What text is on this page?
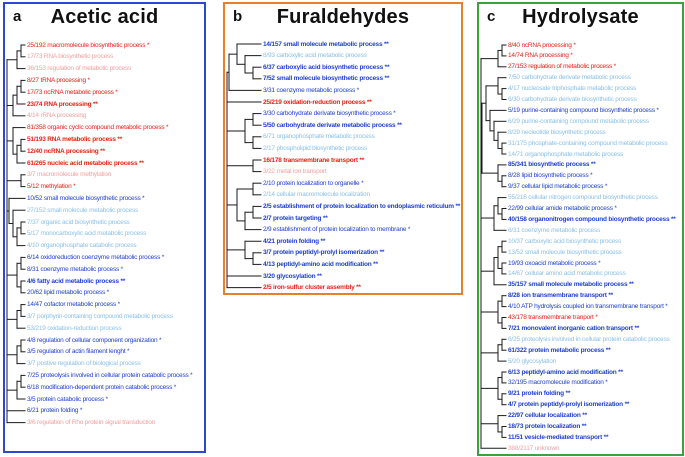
a	Acetic acid
25/192 macromolecule biosynthetic process *
17/73 RNA biosynthetic process
36/153 regulation of metabolic process
8/27 tRNA processing *
17/73 ncRNA metabolic process *
23/74 RNA processing **
4/14 rRNA processing
81/358 organic cyclic compound metabolic process *
51/193 RNA metabolic process **
12/40 ncRNA processing **
61/265 nucleic acid metabolic process **
3/7 macromolecule methylation
5/12 methylation *
10/52 small molecule biosynthetic process *
27/152 small molecule metabolic process
7/37 organic acid biosynthetic process
5/17 monocarboxylic acid metabolic process
4/10 organophosphate catabolic process
6/14 oxidoreduction coenzyme metabolic process *
8/31 coenzyme metabolic process *
4/6 fatty acid metabolic process **
20/62 lipid metabolic process *
14/47 cofactor metabolic process *
3/7 porphyrin-containing compound metabolic process
53/219 oxidation-reduction process
4/8 regulation of cellular component organization *
3/5 regulation of actin filament lenght *
3/7 postive regulation of biological process
7/25 proteolysis involved in cellular protein catabolic process *
6/18 modification-dependent protein catabolic process *
3/5 protein catabolic process *
6/21 protein folding *
3/6 regulation of Rho protein signal transduction
b	Furaldehydes
14/157 small molecule metabolic process **
8/93 carboxylic acid metabolic process
6/37 carboxylic acid biosynthetic process **
7/52 small molecule biosynthetic process **
3/31 coenzyme metabolic process *
25/219 oxidation-reduction process **
3/30 carbohydrate derivate biosynthetic process *
5/50 carbohydrate derivate metabolic process **
6/71 organophosphate metabolic process
2/17 phospholipid biosynthetic process
16/178 transmembrane transport **
3/22 metal ion transport
2/10 protein localization to organelle *
2/14 cellular macromolecule localization
2/5 establishment of protein localization to endoplasmic reticulum **
2/7 protein targeting **
2/9 establishment of protein localization to membrane *
4/21 protein folding **
3/7 protein peptidyl-prolyl isomerization **
4/13 peptidyl-amino acid modification **
3/20 glycosylation **
2/5 iron-sulfur cluster assembly **
c	Hydrolysate
8/40 ncRNA processing *
14/74 RNA processing *
27/153 regulation of metabolic process *
7/50 carbohydrate derivate metabolic process
4/17 nucleoside triphosphate metabolic process
6/30 carbohydrate derivate biosynthetic process
5/19 purine-containing compound biosynthetic process *
6/29 purine-containing compound metabolic process
8/29 necleotide biosynthetic process
31/175 phosphate-containing compound metabolic process
14/71 organophosphate metabolic process
85/341 biosynthetic process **
8/28 lipid biosynthetic process *
9/37 cellular lipid metabolic process *
55/216 cellular nitrogen compound biosynthetic process
22/99 cellular amide metabolic process *
40/158 organonitrogen compound biosynthetic process **
6/31 coenzyme metabolic process
10/37 carboxylic acid biosynthetic process
13/52 small molecule biosynthetic process
19/93 oxoacid metabolic process *
14/67 cellular amino acid metabolic process
35/157 small molecule metabolic process **
8/28 ion transmembrane transport **
4/10 ATP hydrolysis coupled ion transmembrane transport *
43/178 transmembrane tranport *
7/21 monovalent inorganic cation transport **
6/25 proteolysis involved in cellular protein catabolic process
61/322 protein metabolic process **
5/20 glycosylation
6/13 peptidyl-amino acid modification **
32/195 macromolecule modification *
9/21 protein folding **
4/7 protein peptidyl-prolyl isomerization **
22/97 cellular localization **
18/73 protein localization **
11/51 vesicle-mediated transport **
388/2117 unknown
